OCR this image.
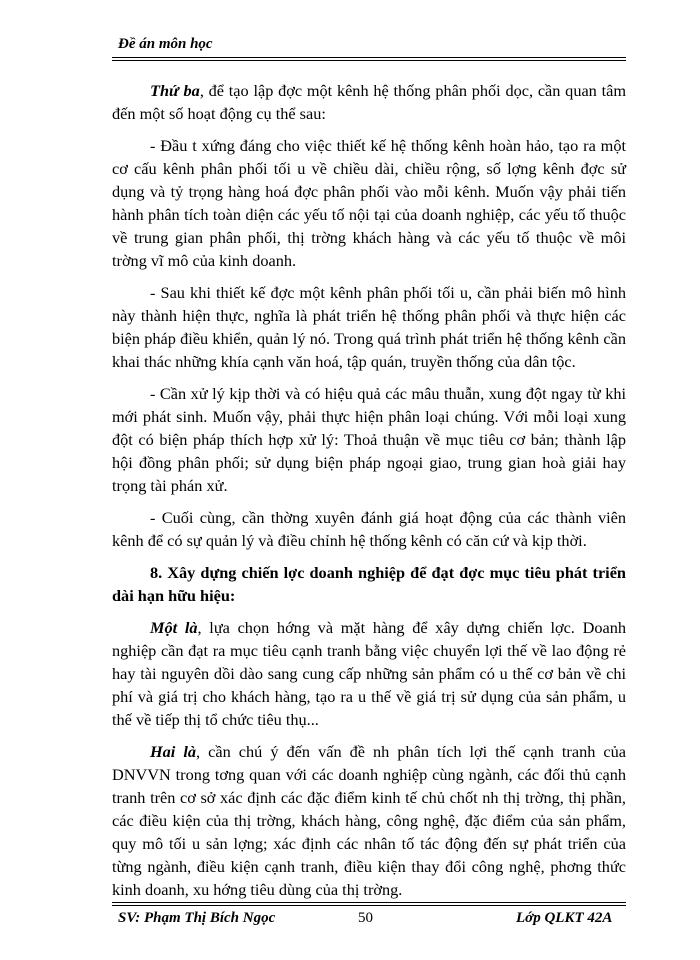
Đề án môn học

Thứ ba, để tạo lập đợc một kênh hệ thống phân phối dọc, cần quan tâm đến một số hoạt động cụ thể sau:

- Đầu t xứng đáng cho việc thiết kế hệ thống kênh hoàn hảo, tạo ra một cơ cấu kênh phân phối tối u về chiều dài, chiều rộng, số lợng kênh đợc sử dụng và tỷ trọng hàng hoá đợc phân phối vào mỗi kênh. Muốn vậy phải tiến hành phân tích toàn diện các yếu tố nội tại của doanh nghiệp, các yếu tố thuộc về trung gian phân phối, thị trờng khách hàng và các yếu tố thuộc về môi trờng vĩ mô của kinh doanh.

- Sau khi thiết kế đợc một kênh phân phối tối u, cần phải biến mô hình này thành hiện thực, nghĩa là phát triển hệ thống phân phối và thực hiện các biện pháp điều khiển, quản lý nó. Trong quá trình phát triển hệ thống kênh cần khai thác những khía cạnh văn hoá, tập quán, truyền thống của dân tộc.

- Cần xử lý kịp thời và có hiệu quả các mâu thuẫn, xung đột ngay từ khi mới phát sinh. Muốn vậy, phải thực hiện phân loại chúng. Với mỗi loại xung đột có biện pháp thích hợp xử lý: Thoả thuận về mục tiêu cơ bản; thành lập hội đồng phân phối; sử dụng biện pháp ngoại giao, trung gian hoà giải hay trọng tài phán xử.

- Cuối cùng, cần thờng xuyên đánh giá hoạt động của các thành viên kênh để có sự quản lý và điều chỉnh hệ thống kênh có căn cứ và kịp thời.

8. Xây dựng chiến lợc doanh nghiệp để đạt đợc mục tiêu phát triển dài hạn hữu hiệu:

Một là, lựa chọn hớng và mặt hàng để xây dựng chiến lợc. Doanh nghiệp cần đạt ra mục tiêu cạnh tranh bằng việc chuyển lợi thế về lao động rẻ hay tài nguyên dồi dào sang cung cấp những sản phẩm có u thế cơ bản về chi phí và giá trị cho khách hàng, tạo ra u thế về giá trị sử dụng của sản phẩm, u thế về tiếp thị tổ chức tiêu thụ...

Hai là, cần chú ý đến vấn đề nh phân tích lợi thế cạnh tranh của DNVVN trong tơng quan với các doanh nghiệp cùng ngành, các đối thủ cạnh tranh trên cơ sở xác định các đặc điểm kinh tế chủ chốt nh thị trờng, thị phần, các điều kiện của thị trờng, khách hàng, công nghệ, đặc điểm của sản phẩm, quy mô tối u sản lợng; xác định các nhân tố tác động đến sự phát triển của từng ngành, điều kiện cạnh tranh, điều kiện thay đổi công nghệ, phơng thức kinh doanh, xu hớng tiêu dùng của thị trờng.

SV: Phạm Thị Bích Ngọc	50	Lớp QLKT 42A
